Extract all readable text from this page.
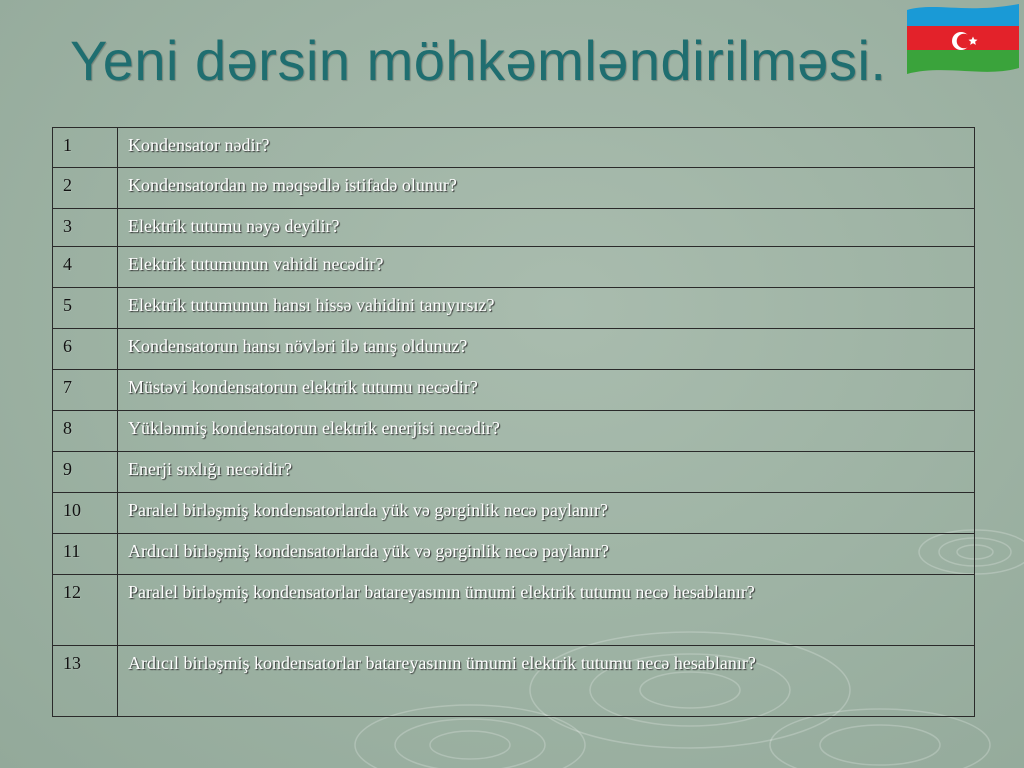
Yeni dərsin möhkəmləndirilməsi.
1	Kondensator nədir?
2	Kondensatordan nə məqsədlə istifadə olunur?
3	Elektrik tutumu nəyə deyilir?
4	Elektrik tutumunun vahidi necədir?
5	Elektrik tutumunun hansı hissə vahidini tanıyırsız?
6	Kondensatorun hansı növləri ilə tanış oldunuz?
7	Müstəvi kondensatorun elektrik tutumu necədir?
8	Yüklənmiş kondensatorun elektrik enerjisi necədir?
9	Enerji sıxlığı necəidir?
10	Paralel birləşmiş kondensatorlarda yük və gərginlik necə paylanır?
11	Ardıcıl birləşmiş kondensatorlarda yük və gərginlik necə paylanır?
12	Paralel birləşmiş kondensatorlar batareyasının ümumi elektrik tutumu necə hesablanır?
13	Ardıcıl birləşmiş kondensatorlar batareyasının ümumi elektrik tutumu necə hesablanır?
